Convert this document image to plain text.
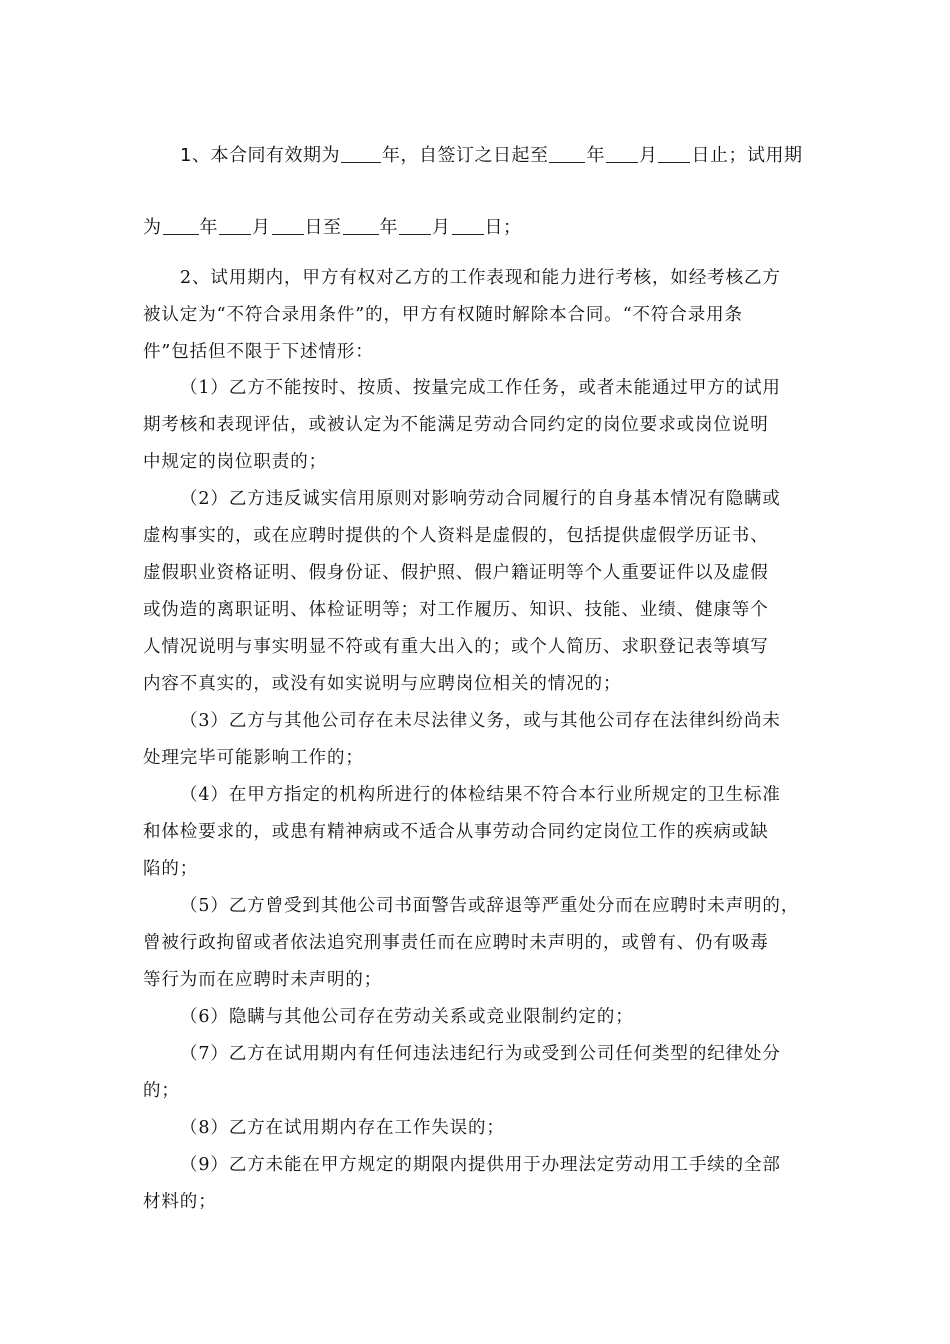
1、本合同有效期为 年，自签订之日起至 年 月 日止；试用期
为 年 月 日至 年 月 日；
2、试用期内，甲方有权对乙方的工作表现和能力进行考核，如经考核乙方
被认定为“不符合录用条件”的，甲方有权随时解除本合同。“不符合录用条
件”包括但不限于下述情形：
（1）乙方不能按时、按质、按量完成工作任务，或者未能通过甲方的试用
期考核和表现评估，或被认定为不能满足劳动合同约定的岗位要求或岗位说明
中规定的岗位职责的；
（2）乙方违反诚实信用原则对影响劳动合同履行的自身基本情况有隐瞒或
虚构事实的，或在应聘时提供的个人资料是虚假的，包括提供虚假学历证书、
虚假职业资格证明、假身份证、假护照、假户籍证明等个人重要证件以及虚假
或伪造的离职证明、体检证明等；对工作履历、知识、技能、业绩、健康等个
人情况说明与事实明显不符或有重大出入的；或个人简历、求职登记表等填写
内容不真实的，或没有如实说明与应聘岗位相关的情况的；
（3）乙方与其他公司存在未尽法律义务，或与其他公司存在法律纠纷尚未
处理完毕可能影响工作的；
（4）在甲方指定的机构所进行的体检结果不符合本行业所规定的卫生标准
和体检要求的，或患有精神病或不适合从事劳动合同约定岗位工作的疾病或缺
陷的；
（5）乙方曾受到其他公司书面警告或辞退等严重处分而在应聘时未声明的，
曾被行政拘留或者依法追究刑事责任而在应聘时未声明的，或曾有、仍有吸毒
等行为而在应聘时未声明的；
（6）隐瞒与其他公司存在劳动关系或竞业限制约定的；
（7）乙方在试用期内有任何违法违纪行为或受到公司任何类型的纪律处分
的；
（8）乙方在试用期内存在工作失误的；
（9）乙方未能在甲方规定的期限内提供用于办理法定劳动用工手续的全部
材料的；
